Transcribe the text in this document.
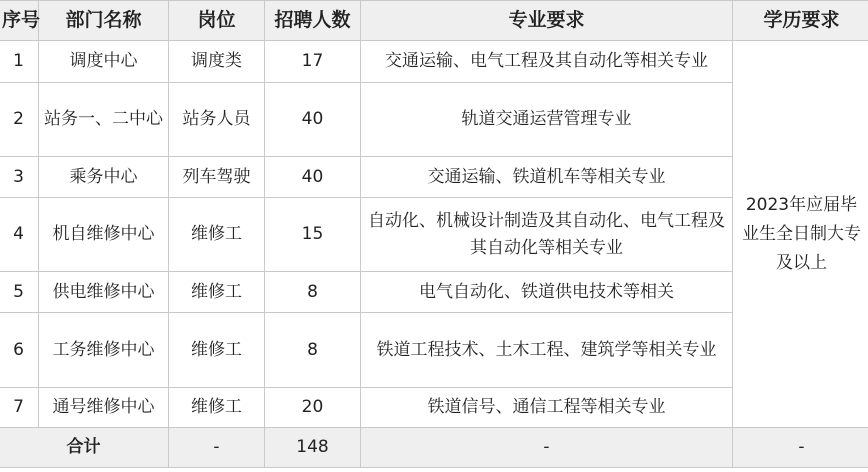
序号	部门名称	岗位	招聘人数	专业要求	学历要求
1	调度中心	调度类	17	交通运输、电气工程及其自动化等相关专业	2023年应届毕业生全日制大专及以上
2	站务一、二中心	站务人员	40	轨道交通运营管理专业	
3	乘务中心	列车驾驶	40	交通运输、铁道机车等相关专业	
4	机自维修中心	维修工	15	自动化、机械设计制造及其自动化、电气工程及其自动化等相关专业	
5	供电维修中心	维修工	8	电气自动化、铁道供电技术等相关	
6	工务维修中心	维修工	8	铁道工程技术、土木工程、建筑学等相关专业	
7	通号维修中心	维修工	20	铁道信号、通信工程等相关专业	
合计		-	148	-	-
